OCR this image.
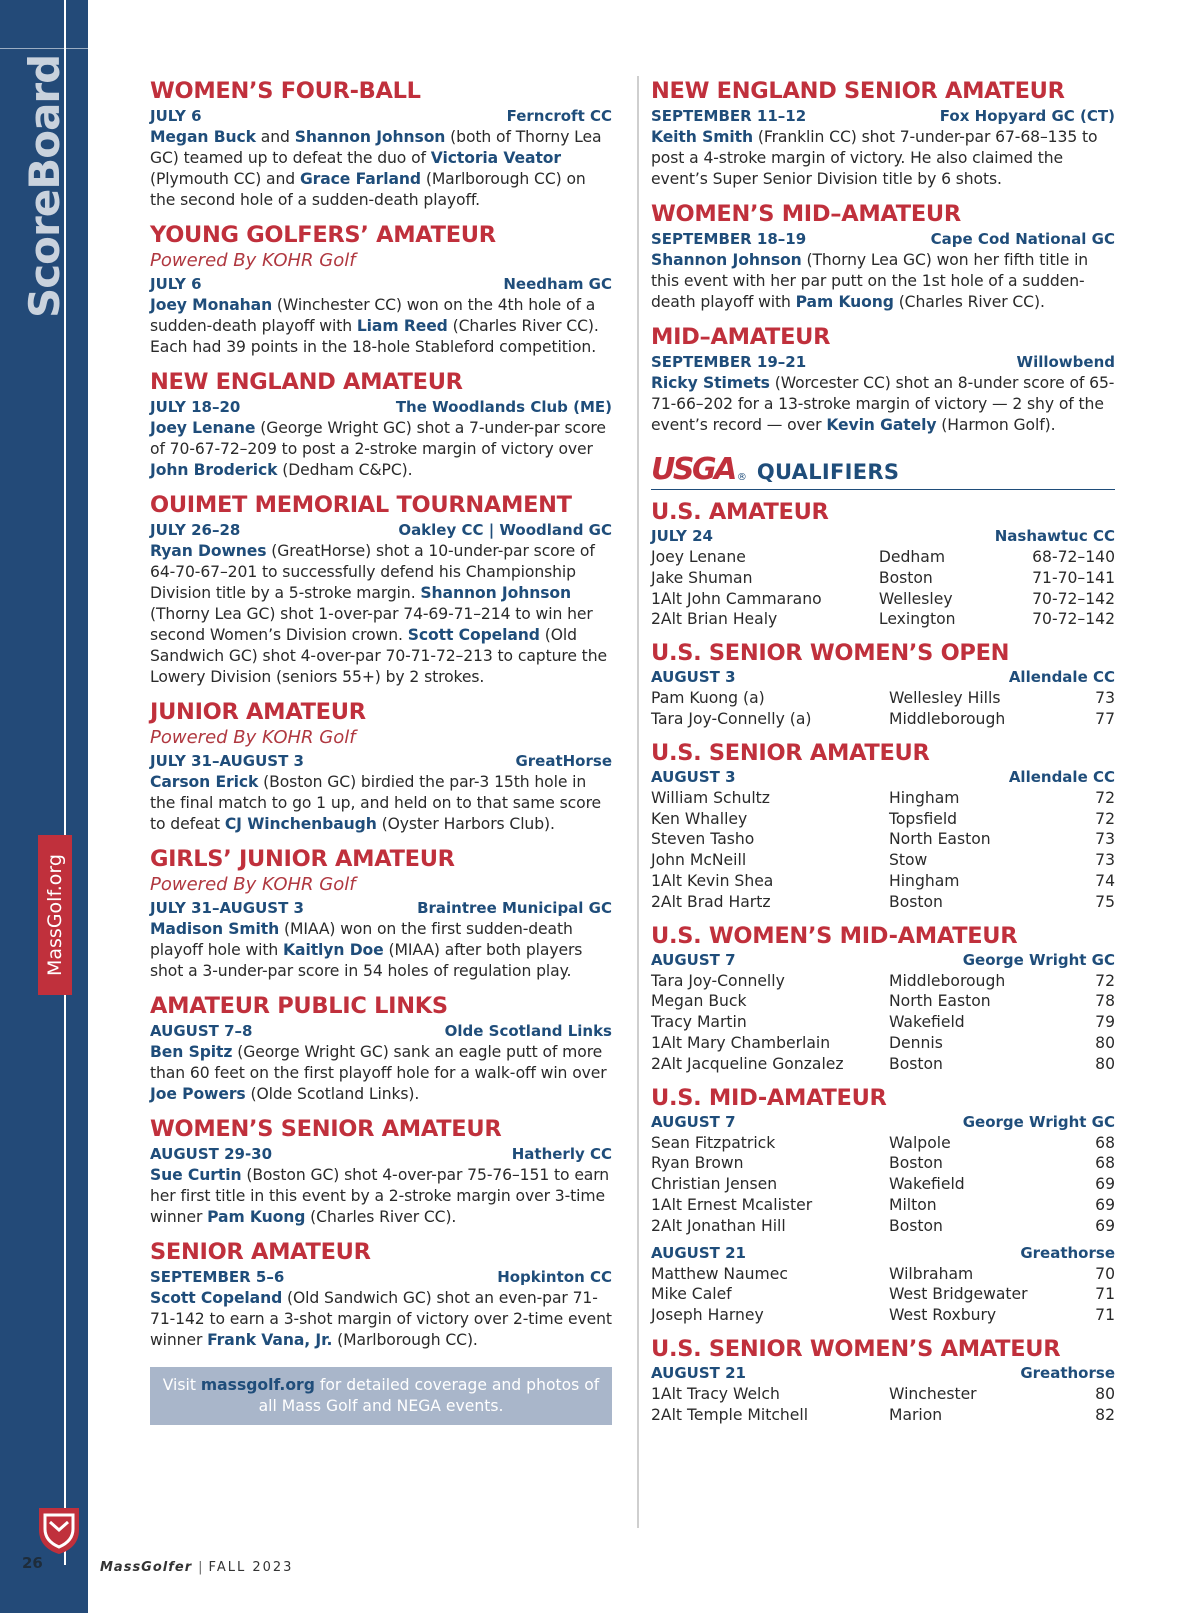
ScoreBoard
MassGolf.org
26	MassGolfer | FALL 2023
WOMEN’S FOUR-BALL
JULY 6	Ferncroft CC
Megan Buck and Shannon Johnson (both of Thorny Lea GC) teamed up to defeat the duo of Victoria Veator (Plymouth CC) and Grace Farland (Marlborough CC) on the second hole of a sudden-death playoff.
YOUNG GOLFERS’ AMATEUR
Powered By KOHR Golf
JULY 6	Needham GC
Joey Monahan (Winchester CC) won on the 4th hole of a sudden-death playoff with Liam Reed (Charles River CC). Each had 39 points in the 18-hole Stableford competition.
NEW ENGLAND AMATEUR
JULY 18–20	The Woodlands Club (ME)
Joey Lenane (George Wright GC) shot a 7-under-par score of 70-67-72–209 to post a 2-stroke margin of victory over John Broderick (Dedham C&PC).
OUIMET MEMORIAL TOURNAMENT
JULY 26–28	Oakley CC | Woodland GC
Ryan Downes (GreatHorse) shot a 10-under-par score of 64-70-67–201 to successfully defend his Championship Division title by a 5-stroke margin. Shannon Johnson (Thorny Lea GC) shot 1-over-par 74-69-71–214 to win her second Women’s Division crown. Scott Copeland (Old Sandwich GC) shot 4-over-par 70-71-72–213 to capture the Lowery Division (seniors 55+) by 2 strokes.
JUNIOR AMATEUR
Powered By KOHR Golf
JULY 31–AUGUST 3	GreatHorse
Carson Erick (Boston GC) birdied the par-3 15th hole in the final match to go 1 up, and held on to that same score to defeat CJ Winchenbaugh (Oyster Harbors Club).
GIRLS’ JUNIOR AMATEUR
Powered By KOHR Golf
JULY 31–AUGUST 3	Braintree Municipal GC
Madison Smith (MIAA) won on the first sudden-death playoff hole with Kaitlyn Doe (MIAA) after both players shot a 3-under-par score in 54 holes of regulation play.
AMATEUR PUBLIC LINKS
AUGUST 7–8	Olde Scotland Links
Ben Spitz (George Wright GC) sank an eagle putt of more than 60 feet on the first playoff hole for a walk-off win over Joe Powers (Olde Scotland Links).
WOMEN’S SENIOR AMATEUR
AUGUST 29-30	Hatherly CC
Sue Curtin (Boston GC) shot 4-over-par 75-76–151 to earn her first title in this event by a 2-stroke margin over 3-time winner Pam Kuong (Charles River CC).
SENIOR AMATEUR
SEPTEMBER 5–6	Hopkinton CC
Scott Copeland (Old Sandwich GC) shot an even-par 71-71-142 to earn a 3-shot margin of victory over 2-time event winner Frank Vana, Jr. (Marlborough CC).
Visit massgolf.org for detailed coverage and photos of all Mass Golf and NEGA events.
NEW ENGLAND SENIOR AMATEUR
SEPTEMBER 11–12	Fox Hopyard GC (CT)
Keith Smith (Franklin CC) shot 7-under-par 67-68–135 to post a 4-stroke margin of victory. He also claimed the event’s Super Senior Division title by 6 shots.
WOMEN’S MID–AMATEUR
SEPTEMBER 18–19	Cape Cod National GC
Shannon Johnson (Thorny Lea GC) won her fifth title in this event with her par putt on the 1st hole of a sudden-death playoff with Pam Kuong (Charles River CC).
MID–AMATEUR
SEPTEMBER 19–21	Willowbend
Ricky Stimets (Worcester CC) shot an 8-under score of 65-71-66–202 for a 13-stroke margin of victory — 2 shy of the event’s record — over Kevin Gately (Harmon Golf).
USGA ® QUALIFIERS
U.S. AMATEUR
JULY 24	Nashawtuc CC
Joey Lenane	Dedham	68-72–140
Jake Shuman	Boston	71-70–141
1Alt John Cammarano	Wellesley	70-72–142
2Alt Brian Healy	Lexington	70-72–142
U.S. SENIOR WOMEN’S OPEN
AUGUST 3	Allendale CC
Pam Kuong (a)	Wellesley Hills	73
Tara Joy-Connelly (a)	Middleborough	77
U.S. SENIOR AMATEUR
AUGUST 3	Allendale CC
William Schultz	Hingham	72
Ken Whalley	Topsfield	72
Steven Tasho	North Easton	73
John McNeill	Stow	73
1Alt Kevin Shea	Hingham	74
2Alt Brad Hartz	Boston	75
U.S. WOMEN’S MID-AMATEUR
AUGUST 7	George Wright GC
Tara Joy-Connelly	Middleborough	72
Megan Buck	North Easton	78
Tracy Martin	Wakefield	79
1Alt Mary Chamberlain	Dennis	80
2Alt Jacqueline Gonzalez	Boston	80
U.S. MID-AMATEUR
AUGUST 7	George Wright GC
Sean Fitzpatrick	Walpole	68
Ryan Brown	Boston	68
Christian Jensen	Wakefield	69
1Alt Ernest Mcalister	Milton	69
2Alt Jonathan Hill	Boston	69
AUGUST 21	Greathorse
Matthew Naumec	Wilbraham	70
Mike Calef	West Bridgewater	71
Joseph Harney	West Roxbury	71
U.S. SENIOR WOMEN’S AMATEUR
AUGUST 21	Greathorse
1Alt Tracy Welch	Winchester	80
2Alt Temple Mitchell	Marion	82
